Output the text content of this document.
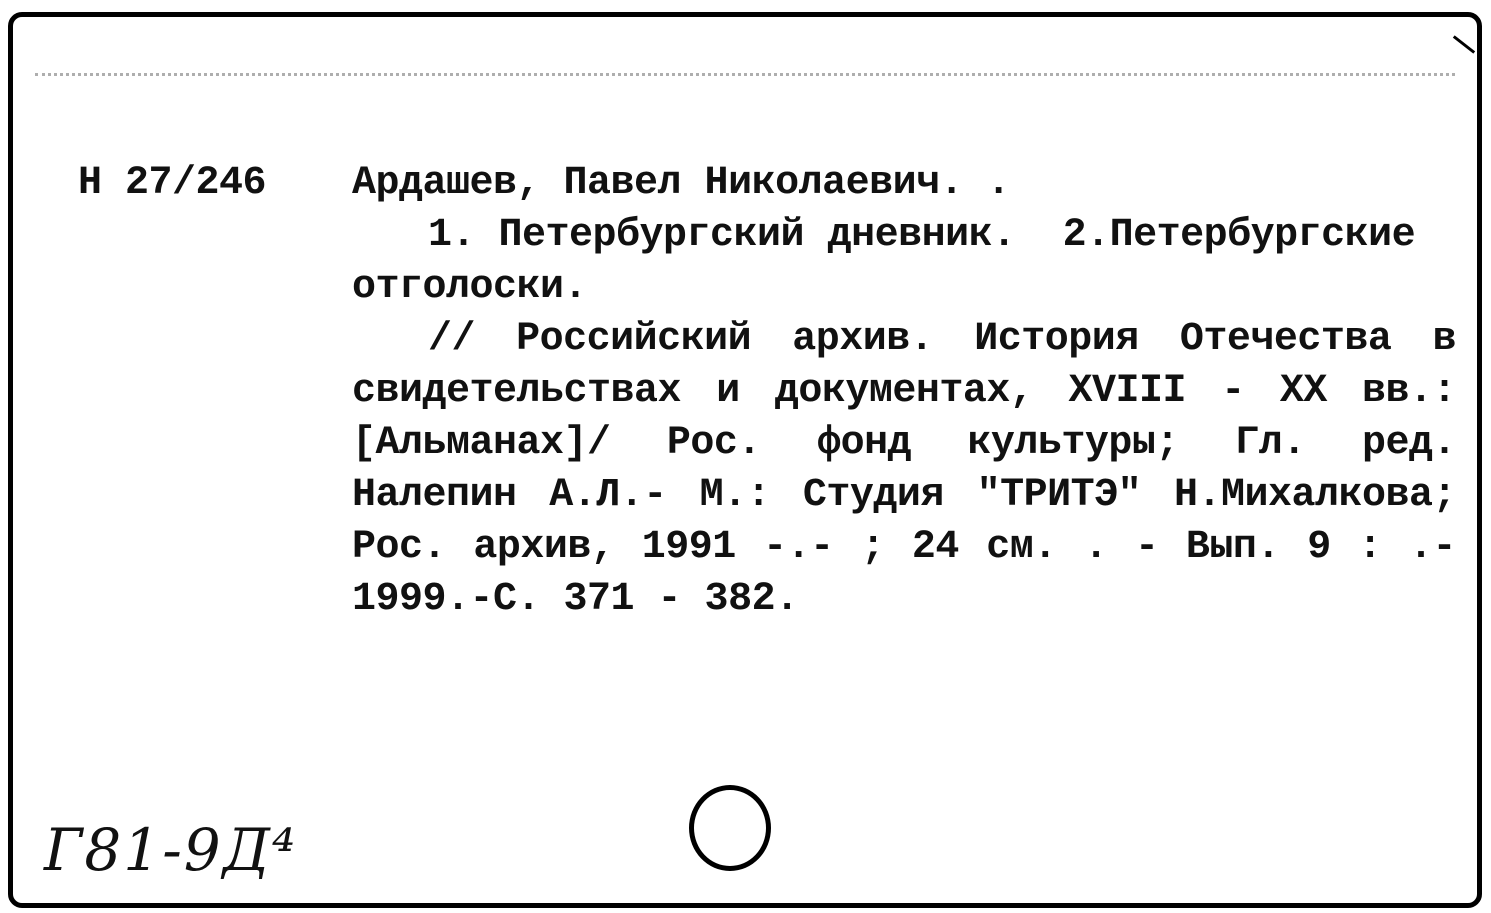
Н 27/246 Ардашев, Павел Николаевич. .
1. Петербургский дневник.  2.Петербургские
отголоски.
// Российский архив. История Отечества в
свидетельствах и документах, XVIII - XX вв.:
[Альманах]/ Рос. фонд культуры; Гл. ред.
Налепин А.Л.- М.: Студия "ТРИТЭ" Н.Михалкова;
Рос. архив, 1991 -.- ; 24 см. . - Вып. 9 : .-
1999.-С. 371 - 382.
Г81-9Д⁴
